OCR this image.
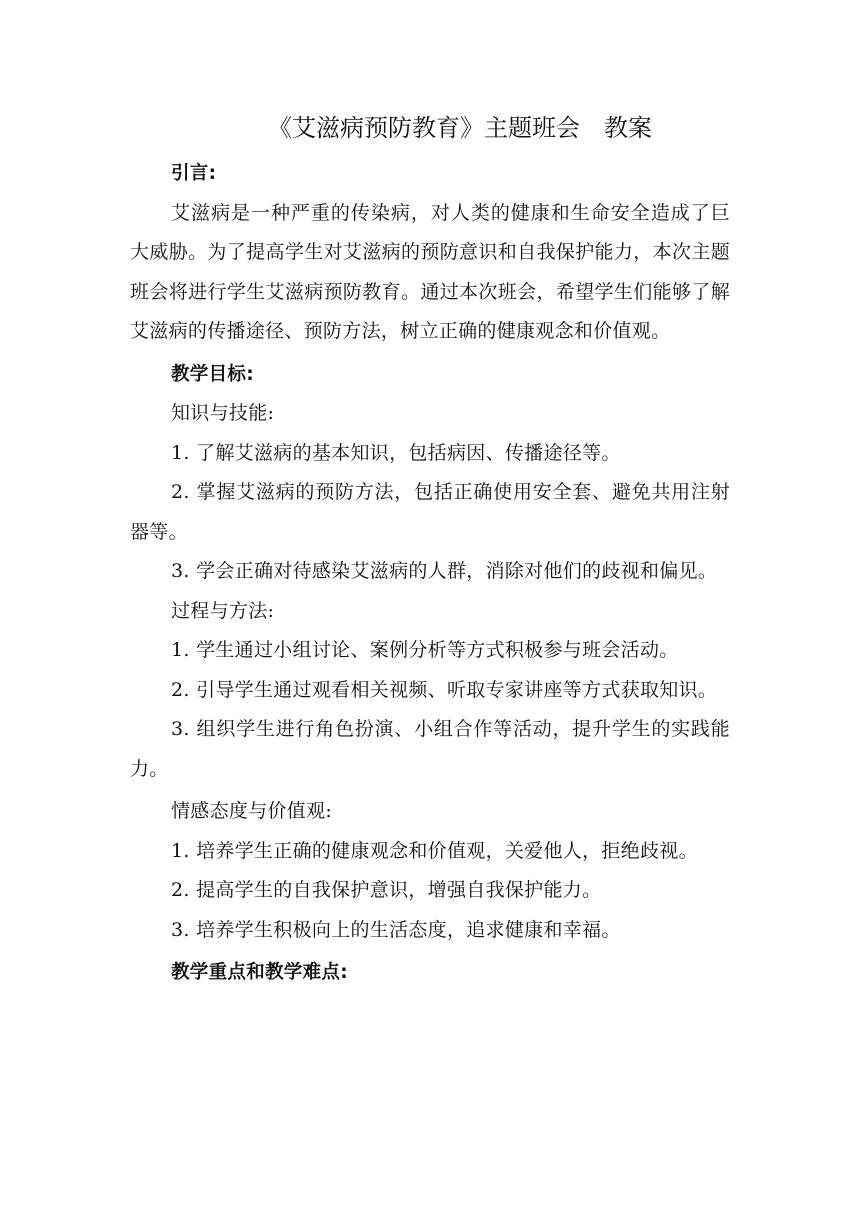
《艾滋病预防教育》主题班会　教案

引言:

艾滋病是一种严重的传染病，对人类的健康和生命安全造成了巨大威胁。为了提高学生对艾滋病的预防意识和自我保护能力，本次主题班会将进行学生艾滋病预防教育。通过本次班会，希望学生们能够了解艾滋病的传播途径、预防方法，树立正确的健康观念和价值观。

教学目标:

知识与技能:

1. 了解艾滋病的基本知识，包括病因、传播途径等。

2. 掌握艾滋病的预防方法，包括正确使用安全套、避免共用注射器等。

3. 学会正确对待感染艾滋病的人群，消除对他们的歧视和偏见。

过程与方法:

1. 学生通过小组讨论、案例分析等方式积极参与班会活动。

2. 引导学生通过观看相关视频、听取专家讲座等方式获取知识。

3. 组织学生进行角色扮演、小组合作等活动，提升学生的实践能力。

情感态度与价值观:

1. 培养学生正确的健康观念和价值观，关爱他人，拒绝歧视。

2. 提高学生的自我保护意识，增强自我保护能力。

3. 培养学生积极向上的生活态度，追求健康和幸福。

教学重点和教学难点:
